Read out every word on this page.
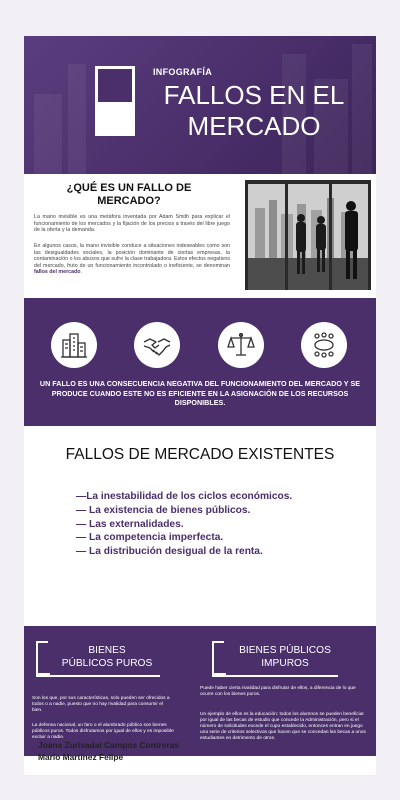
INFOGRAFÍA
FALLOS EN EL MERCADO
¿QUÉ ES UN FALLO DE MERCADO?
La mano invisible es una metáfora inventada por Adam Smith para explicar el funcionamiento de los mercados y la fijación de los precios a través del libre juego de la oferta y la demanda.
En algunos casos, la mano invisible conduce a situaciones indeseables como son las desigualdades sociales, la posición dominante de ciertas empresas, la contaminación o los abusos que sufre la clase trabajadora. Estos efectos negativos del mercado, fruto de un funcionamiento incontrolado o ineficiente, se denominan fallos del mercado.
UN FALLO ES UNA CONSECUENCIA NEGATIVA DEL FUNCIONAMIENTO DEL MERCADO Y SE PRODUCE CUANDO ESTE NO ES EFICIENTE EN LA ASIGNACIÓN DE LOS RECURSOS DISPONIBLES.
FALLOS DE MERCADO EXISTENTES
—La inestabilidad de los ciclos económicos.
— La existencia de bienes públicos.
— Las externalidades.
— La competencia imperfecta.
— La distribución desigual de la renta.
BIENES
PÚBLICOS PUROS
BIENES PÚBLICOS
IMPUROS
Son los que, por sus características, solo pueden ser ofrecidos a todos o a nadie, puesto que no hay rivalidad para consumir el bien.
La defensa nacional, un faro o el alumbrado público son bienes públicos puros. Todos disfrutamos por igual de ellos y es imposible excluir a nadie.
Puede haber cierta rivalidad para disfrutar de ellos, a diferencia de lo que ocurre con los bienes puros.
Un ejemplo de ellos es la educación: todos los alumnos se pueden beneficiar por igual de las becas de estudio que concede la Administración, pero si el número de solicitudes excede el cupo establecido, entonces entran en juego una serie de criterios selectivos que hacen que se concedan las becas a unos estudiantes en detrimento de otros.
Joana Zurisadai Campos Contreras
Mario Martínez Felipe
